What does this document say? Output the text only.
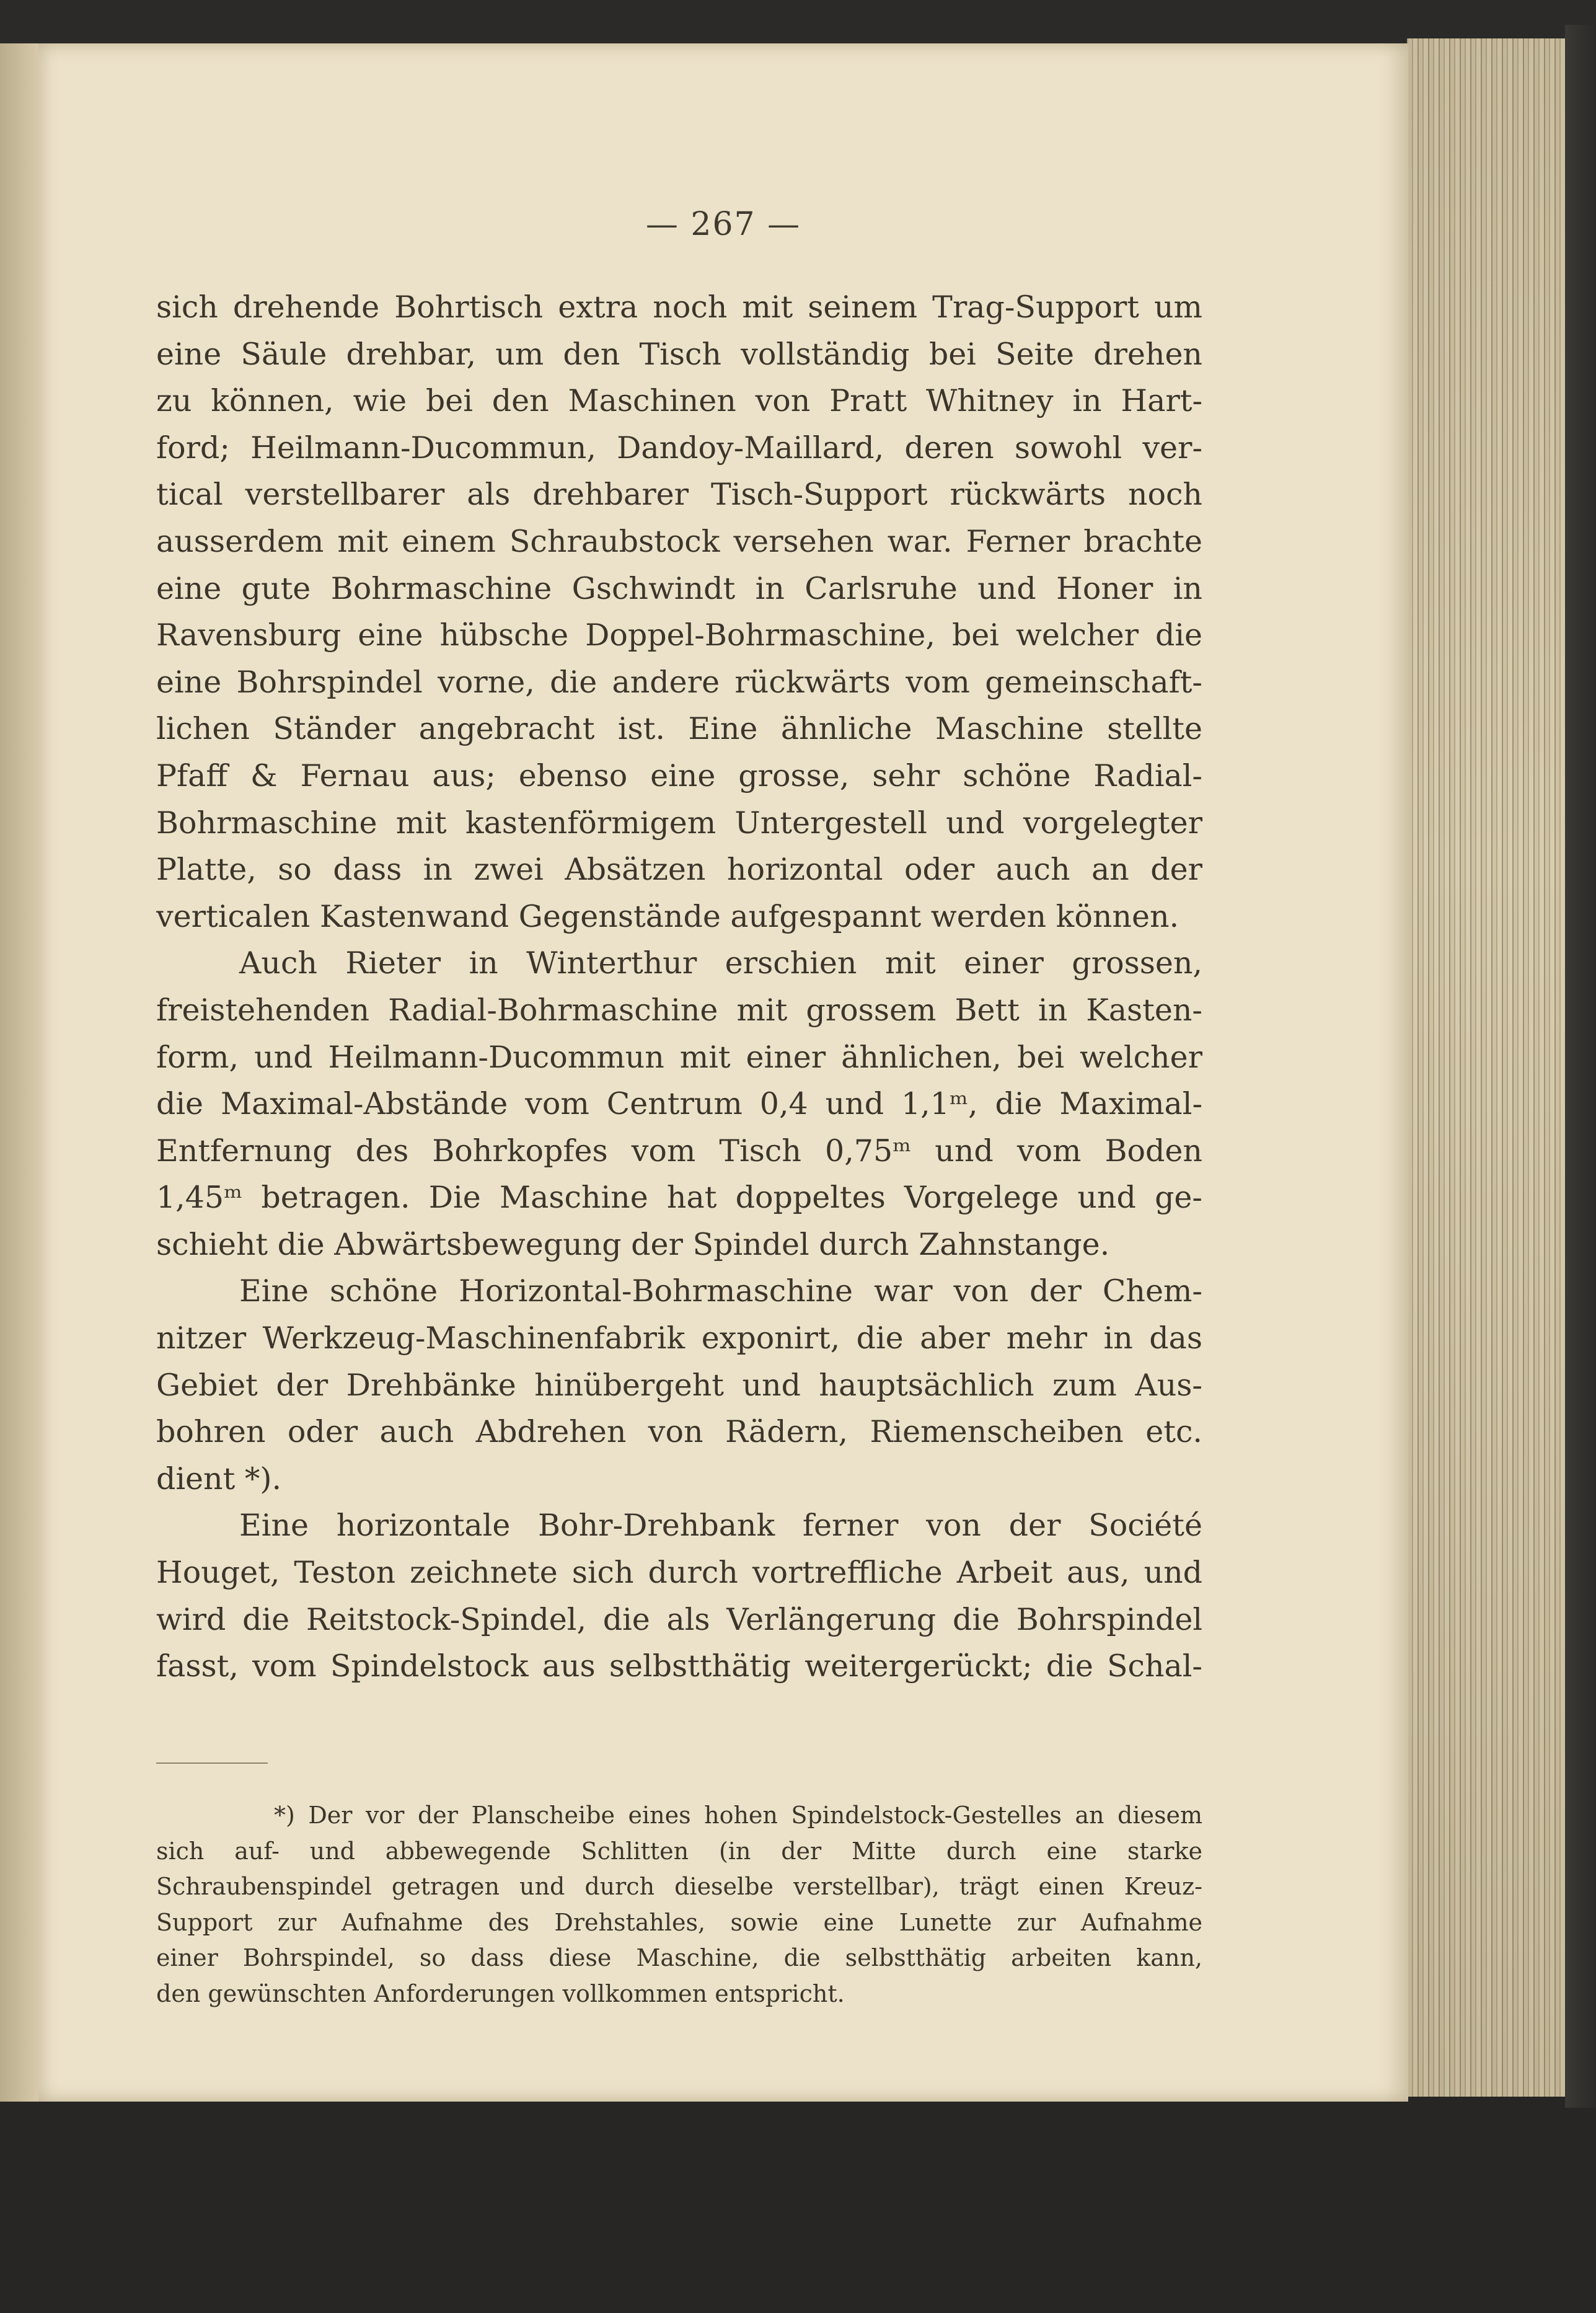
— 267 —
sich drehende Bohrtisch extra noch mit seinem Trag-Support um
eine Säule drehbar, um den Tisch vollständig bei Seite drehen
zu können, wie bei den Maschinen von Pratt Whitney in Hart-
ford; Heilmann-Ducommun, Dandoy-Maillard, deren sowohl ver-
tical verstellbarer als drehbarer Tisch-Support rückwärts noch
ausserdem mit einem Schraubstock versehen war. Ferner brachte
eine gute Bohrmaschine Gschwindt in Carlsruhe und Honer in
Ravensburg eine hübsche Doppel-Bohrmaschine, bei welcher die
eine Bohrspindel vorne, die andere rückwärts vom gemeinschaft-
lichen Ständer angebracht ist. Eine ähnliche Maschine stellte
Pfaff & Fernau aus; ebenso eine grosse, sehr schöne Radial-
Bohrmaschine mit kastenförmigem Untergestell und vorgelegter
Platte, so dass in zwei Absätzen horizontal oder auch an der
verticalen Kastenwand Gegenstände aufgespannt werden können.
Auch Rieter in Winterthur erschien mit einer grossen,
freistehenden Radial-Bohrmaschine mit grossem Bett in Kasten-
form, und Heilmann-Ducommun mit einer ähnlichen, bei welcher
die Maximal-Abstände vom Centrum 0,4 und 1,1ᵐ, die Maximal-
Entfernung des Bohrkopfes vom Tisch 0,75ᵐ und vom Boden
1,45ᵐ betragen. Die Maschine hat doppeltes Vorgelege und ge-
schieht die Abwärtsbewegung der Spindel durch Zahnstange.
Eine schöne Horizontal-Bohrmaschine war von der Chem-
nitzer Werkzeug-Maschinenfabrik exponirt, die aber mehr in das
Gebiet der Drehbänke hinübergeht und hauptsächlich zum Aus-
bohren oder auch Abdrehen von Rädern, Riemenscheiben etc.
dient *).
Eine horizontale Bohr-Drehbank ferner von der Société
Houget, Teston zeichnete sich durch vortreffliche Arbeit aus, und
wird die Reitstock-Spindel, die als Verlängerung die Bohrspindel
fasst, vom Spindelstock aus selbstthätig weitergerückt; die Schal-
*) Der vor der Planscheibe eines hohen Spindelstock-Gestelles an diesem
sich auf- und abbewegende Schlitten (in der Mitte durch eine starke
Schraubenspindel getragen und durch dieselbe verstellbar), trägt einen Kreuz-
Support zur Aufnahme des Drehstahles, sowie eine Lunette zur Aufnahme
einer Bohrspindel, so dass diese Maschine, die selbstthätig arbeiten kann,
den gewünschten Anforderungen vollkommen entspricht.
